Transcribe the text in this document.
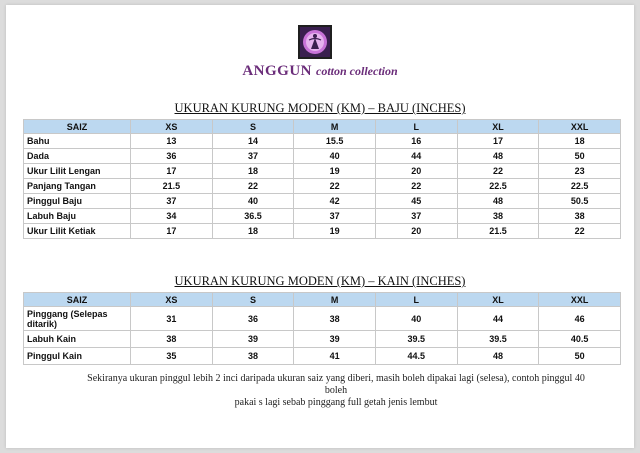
ANGGUN cotton collection
UKURAN KURUNG MODEN (KM) – BAJU (INCHES)
SAIZ	XS	S	M	L	XL	XXL
Bahu	13	14	15.5	16	17	18
Dada	36	37	40	44	48	50
Ukur Lilit Lengan	17	18	19	20	22	23
Panjang Tangan	21.5	22	22	22	22.5	22.5
Pinggul Baju	37	40	42	45	48	50.5
Labuh Baju	34	36.5	37	37	38	38
Ukur Lilit Ketiak	17	18	19	20	21.5	22
UKURAN KURUNG MODEN (KM) – KAIN (INCHES)
SAIZ	XS	S	M	L	XL	XXL
Pinggang (Selepas ditarik)	31	36	38	40	44	46
Labuh Kain	38	39	39	39.5	39.5	40.5
Pinggul Kain	35	38	41	44.5	48	50
Sekiranya ukuran pinggul lebih 2 inci daripada ukuran saiz yang diberi, masih boleh dipakai lagi (selesa), contoh pinggul 40 boleh
pakai s lagi sebab pinggang full getah jenis lembut
